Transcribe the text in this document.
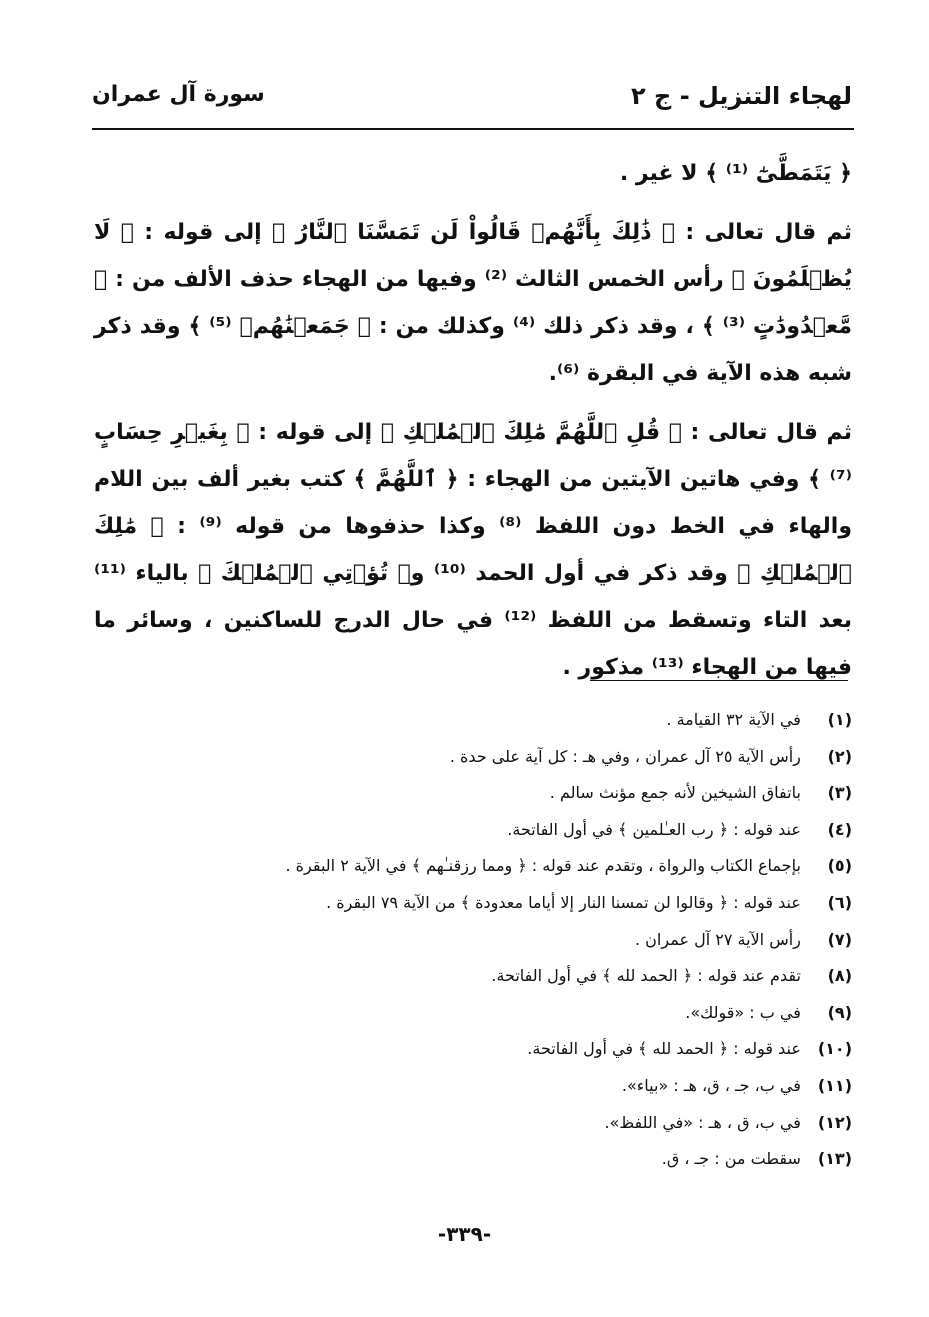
لهجاء التنزيل - ج ٢
سورة آل عمران

﴿ يَتَمَطَّىٰٓ ⁽¹⁾ ﴾ لا غير .

ثم قال تعالى : ﴿ ذَٰلِكَ بِأَنَّهُمۡ قَالُواْ لَن تَمَسَّنَا ٱلنَّارُ ﴾ إلى قوله : ﴿ لَا يُظۡلَمُونَ ﴾ رأس الخمس الثالث ⁽²⁾ وفيها من الهجاء حذف الألف من : ﴿ مَّعۡدُودَٰتٍ ⁽³⁾ ﴾ ، وقد ذكر ذلك ⁽⁴⁾ وكذلك من : ﴿ جَمَعۡنَٰهُمۡ ⁽⁵⁾ ﴾ وقد ذكر شبه هذه الآية في البقرة ⁽⁶⁾.

ثم قال تعالى : ﴿ قُلِ ٱللَّهُمَّ مَٰلِكَ ٱلۡمُلۡكِ ﴾ إلى قوله : ﴿ بِغَيۡرِ حِسَابٍ ⁽⁷⁾ ﴾ وفي هاتين الآيتين من الهجاء : ﴿ ٱللَّهُمَّ ﴾ كتب بغير ألف بين اللام والهاء في الخط دون اللفظ ⁽⁸⁾ وكذا حذفوها من قوله ⁽⁹⁾ : ﴿ مَٰلِكَ ٱلۡمُلۡكِ ﴾ وقد ذكر في أول الحمد ⁽¹⁰⁾ و﴿ تُؤۡتِي ٱلۡمُلۡكَ ﴾ بالياء ⁽¹¹⁾ بعد التاء وتسقط من اللفظ ⁽¹²⁾ في حال الدرج للساكنين ، وسائر ما فيها من الهجاء ⁽¹³⁾ مذكور .

(١) في الآية ٣٢ القيامة .
(٢) رأس الآية ٢٥ آل عمران ، وفي هـ : كل آية على حدة .
(٣) باتفاق الشيخين لأنه جمع مؤنث سالم .
(٤) عند قوله : ﴿ رب العـٰلمين ﴾ في أول الفاتحة.
(٥) بإجماع الكتاب والرواة ، وتقدم عند قوله : ﴿ ومما رزقنـٰهم ﴾ في الآية ٢ البقرة .
(٦) عند قوله : ﴿ وقالوا لن تمسنا النار إلا أياما معدودة ﴾ من الآية ٧٩ البقرة .
(٧) رأس الآية ٢٧ آل عمران .
(٨) تقدم عند قوله : ﴿ الحمد لله ﴾ في أول الفاتحة.
(٩) في ب : «قولك».
(١٠) عند قوله : ﴿ الحمد لله ﴾ في أول الفاتحة.
(١١) في ب، جـ ، ق، هـ : «بياء».
(١٢) في ب، ق ، هـ : «في اللفظ».
(١٣) سقطت من : جـ ، ق.
-٣٣٩-
